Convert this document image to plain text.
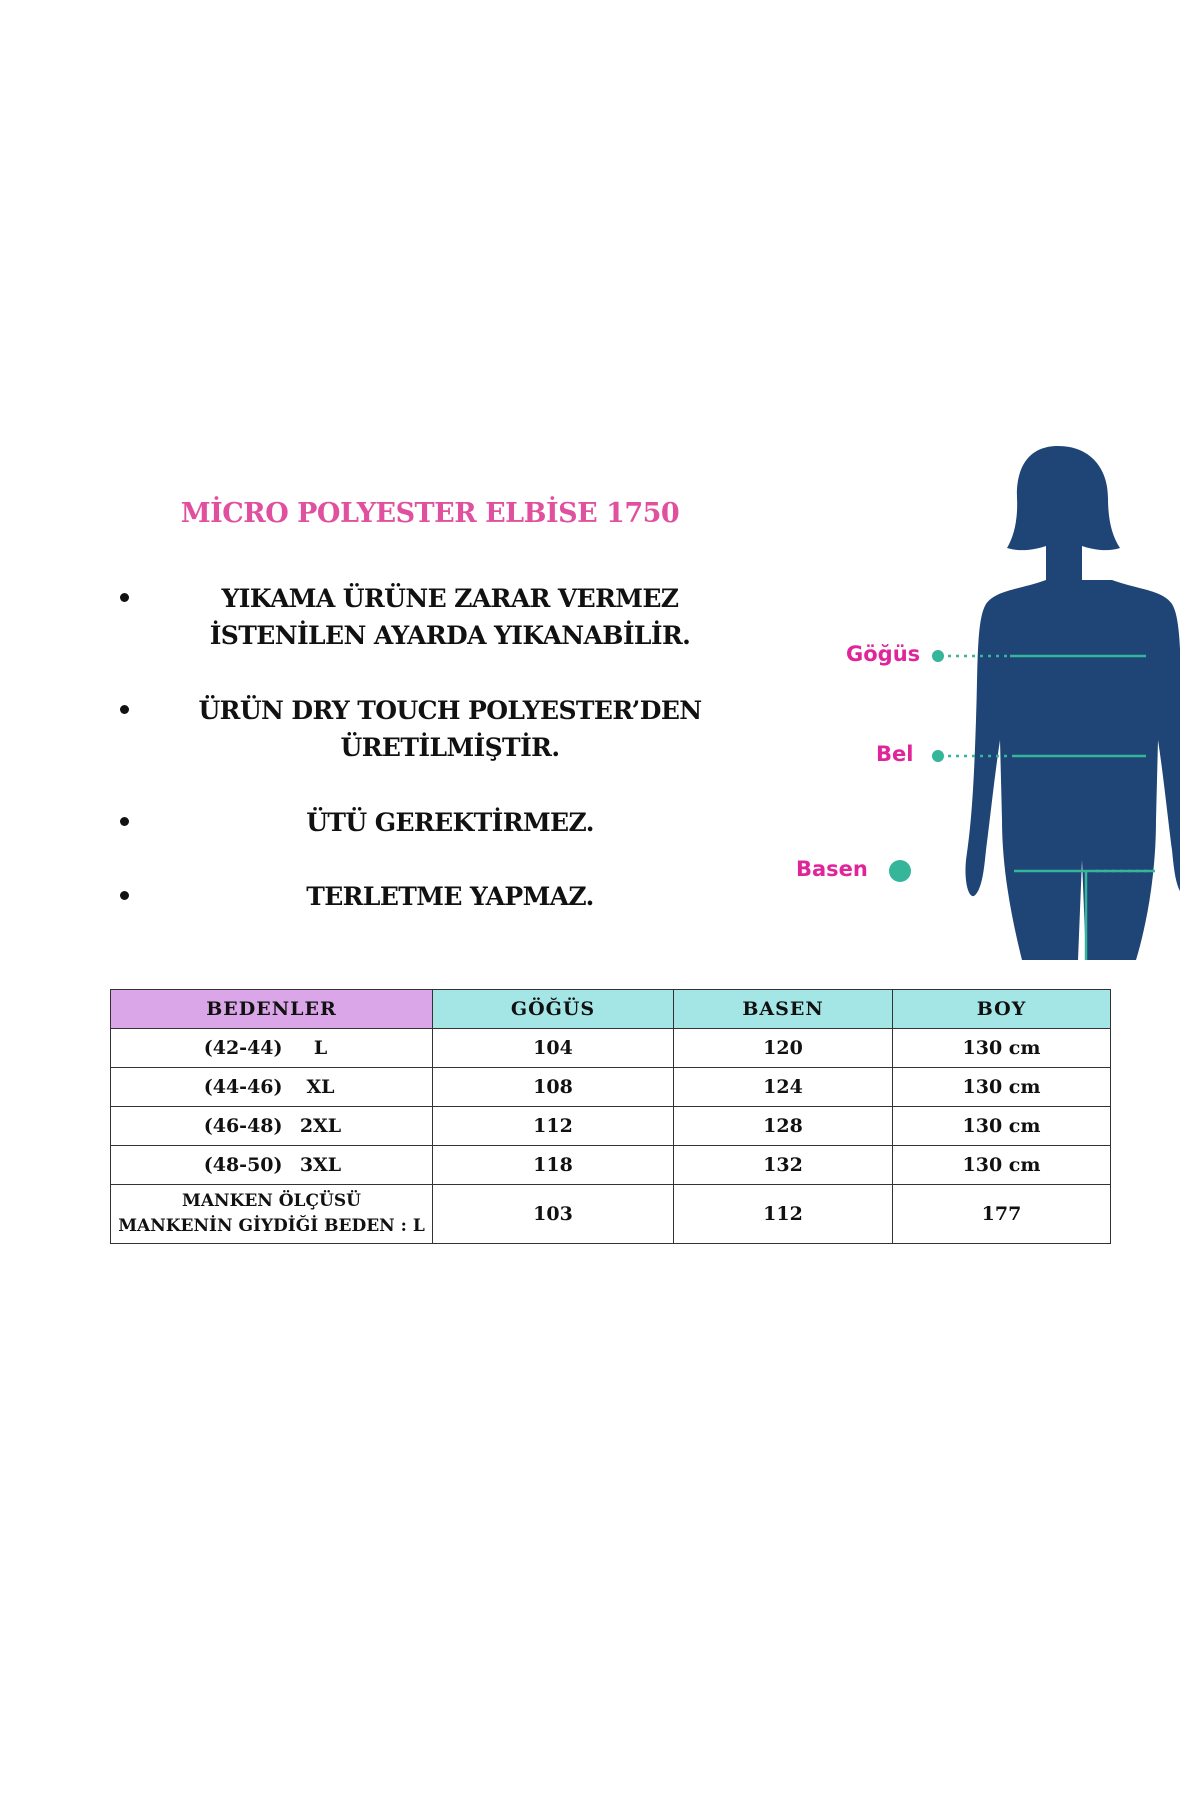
MİCRO POLYESTER ELBİSE 1750
YIKAMA ÜRÜNE ZARAR VERMEZ
İSTENİLEN AYARDA YIKANABİLİR.
ÜRÜN DRY TOUCH POLYESTER’DEN
ÜRETİLMİŞTİR.
ÜTÜ GEREKTİRMEZ.
TERLETME YAPMAZ.
Göğüs
Bel
Basen
BEDENLER	GÖĞÜS	BASEN	BOY
(42-44) L	104	120	130 cm
(44-46) XL	108	124	130 cm
(46-48) 2XL	112	128	130 cm
(48-50) 3XL	118	132	130 cm

MANKEN ÖLÇÜSÜ
MANKENİN GİYDİĞİ BEDEN : L	103	112	177
